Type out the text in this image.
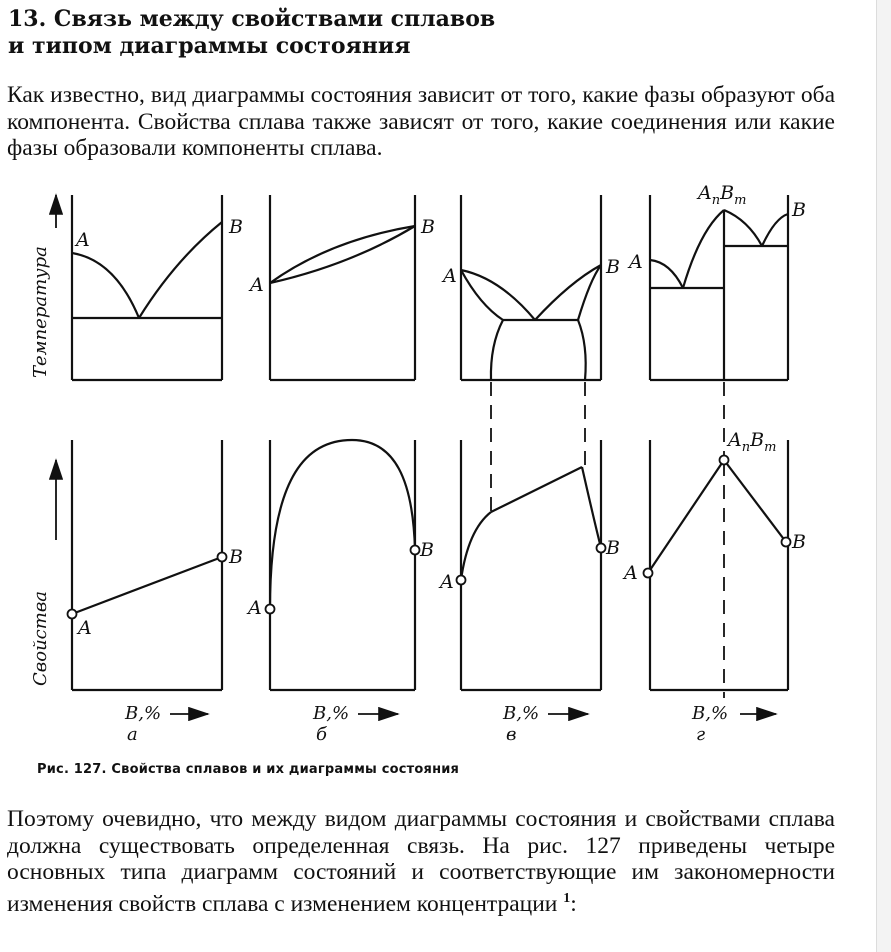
13. Связь между свойствами сплавов
и типом диаграммы состояния
Как известно, вид диаграммы состояния зависит от того, какие фазы образуют оба компонента. Свойства сплава также зависят от того, какие соединения или какие фазы образовали компоненты сплава.
Температура
Свойства
A
B
A
B
A	B A
B
$A_nB_m$
A
B
A
B
A
B
A
B
$A_nB_m$
B,%	B,%	B,%	B,%
а	б	в	г
Рис. 127. Свойства сплавов и их диаграммы состояния
Поэтому очевидно, что между видом диаграммы состояния и свойствами сплава должна существовать определенная связь. На рис. 127 приведены четыре основных типа диаграмм состояний и соответствующие им закономерности изменения свойств сплава с изменением концентрации $^1$:
